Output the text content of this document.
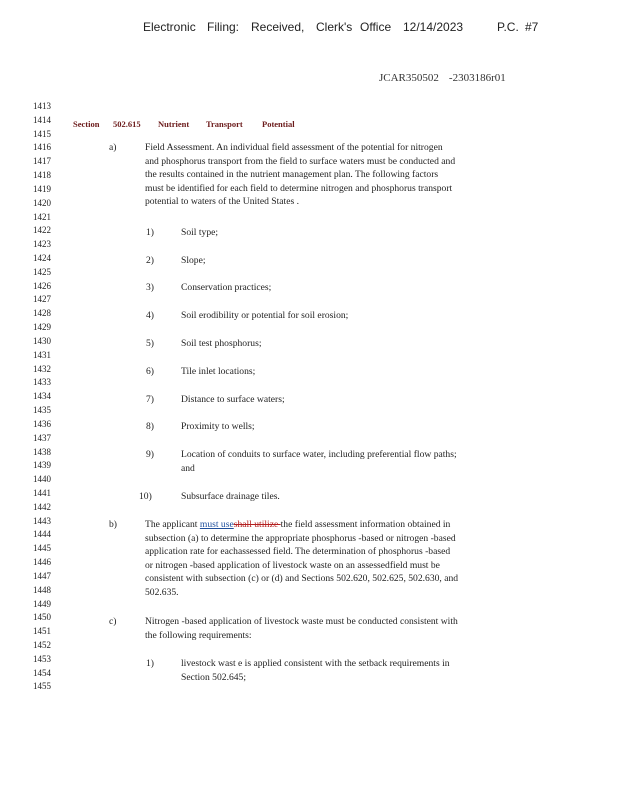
Electronic Filing: Received, Clerk's Office 12/14/2023	P.C. #7
JCAR350502 -2303186r01
1413
1414
1415
1416
1417
1418
1419
1420
1421
1422
1423
1424
1425
1426
1427
1428
1429
1430
1431
1432
1433
1434
1435
1436
1437
1438
1439
1440
1441
1442
1443
1444
1445
1446
1447
1448
1449
1450
1451
1452
1453
1454
1455
Section 502.615 Nutrient Transport Potential
a)	Field Assessment. An individual field assessment of the potential for nitrogen
and phosphorus transport from the field to surface waters must be conducted and
the results contained in the nutrient management plan. The following factors
must be identified for each field to determine nitrogen and phosphorus transport
potential to waters of the United States .
1)	Soil type;
2)	Slope;
3)	Conservation practices;
4)	Soil erodibility or potential for soil erosion;
5)	Soil test phosphorus;
6)	Tile inlet locations;
7)	Distance to surface waters;
8)	Proximity to wells;
9)	Location of conduits to surface water, including preferential flow paths;
and
10)	Subsurface drainage tiles.
b)	The applicant must useshall utilize the field assessment information obtained in
subsection (a) to determine the appropriate phosphorus -based or nitrogen -based
application rate for eachassessed field. The determination of phosphorus -based
or nitrogen -based application of livestock waste on an assessedfield must be
consistent with subsection (c) or (d) and Sections 502.620, 502.625, 502.630, and
502.635.
c)	Nitrogen -based application of livestock waste must be conducted consistent with
the following requirements:
1)	livestock wast e is applied consistent with the setback requirements in
Section 502.645;
